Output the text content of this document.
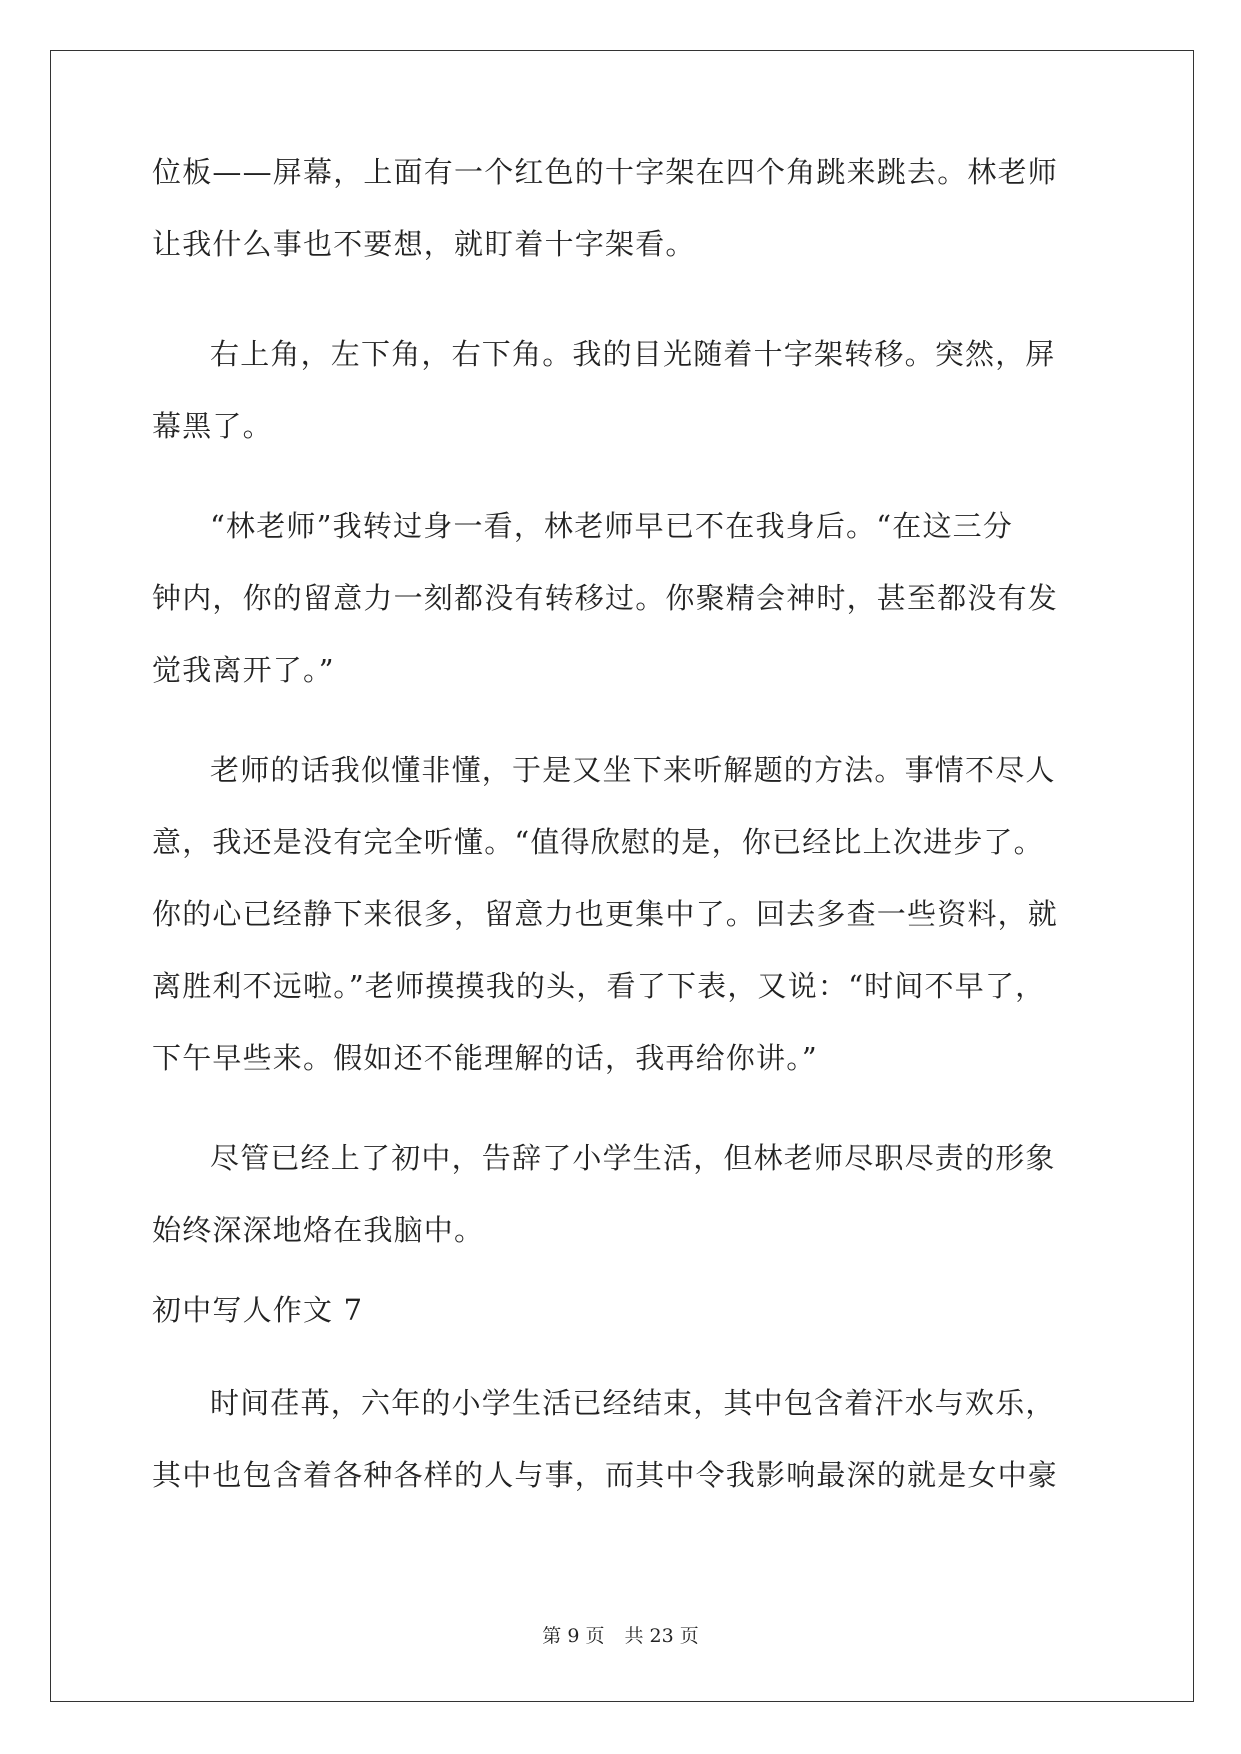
位板——屏幕，上面有一个红色的十字架在四个角跳来跳去。林老师
让我什么事也不要想，就盯着十字架看。
右上角，左下角，右下角。我的目光随着十字架转移。突然，屏
幕黑了。
“林老师”我转过身一看，林老师早已不在我身后。“在这三分
钟内，你的留意力一刻都没有转移过。你聚精会神时，甚至都没有发
觉我离开了。”
老师的话我似懂非懂，于是又坐下来听解题的方法。事情不尽人
意，我还是没有完全听懂。“值得欣慰的是，你已经比上次进步了。
你的心已经静下来很多，留意力也更集中了。回去多查一些资料，就
离胜利不远啦。”老师摸摸我的头，看了下表，又说：“时间不早了，
下午早些来。假如还不能理解的话，我再给你讲。”
尽管已经上了初中，告辞了小学生活，但林老师尽职尽责的形象
始终深深地烙在我脑中。
初中写人作文 7
时间荏苒，六年的小学生活已经结束，其中包含着汗水与欢乐，
其中也包含着各种各样的人与事，而其中令我影响最深的就是女中豪
第 9 页 共 23 页
